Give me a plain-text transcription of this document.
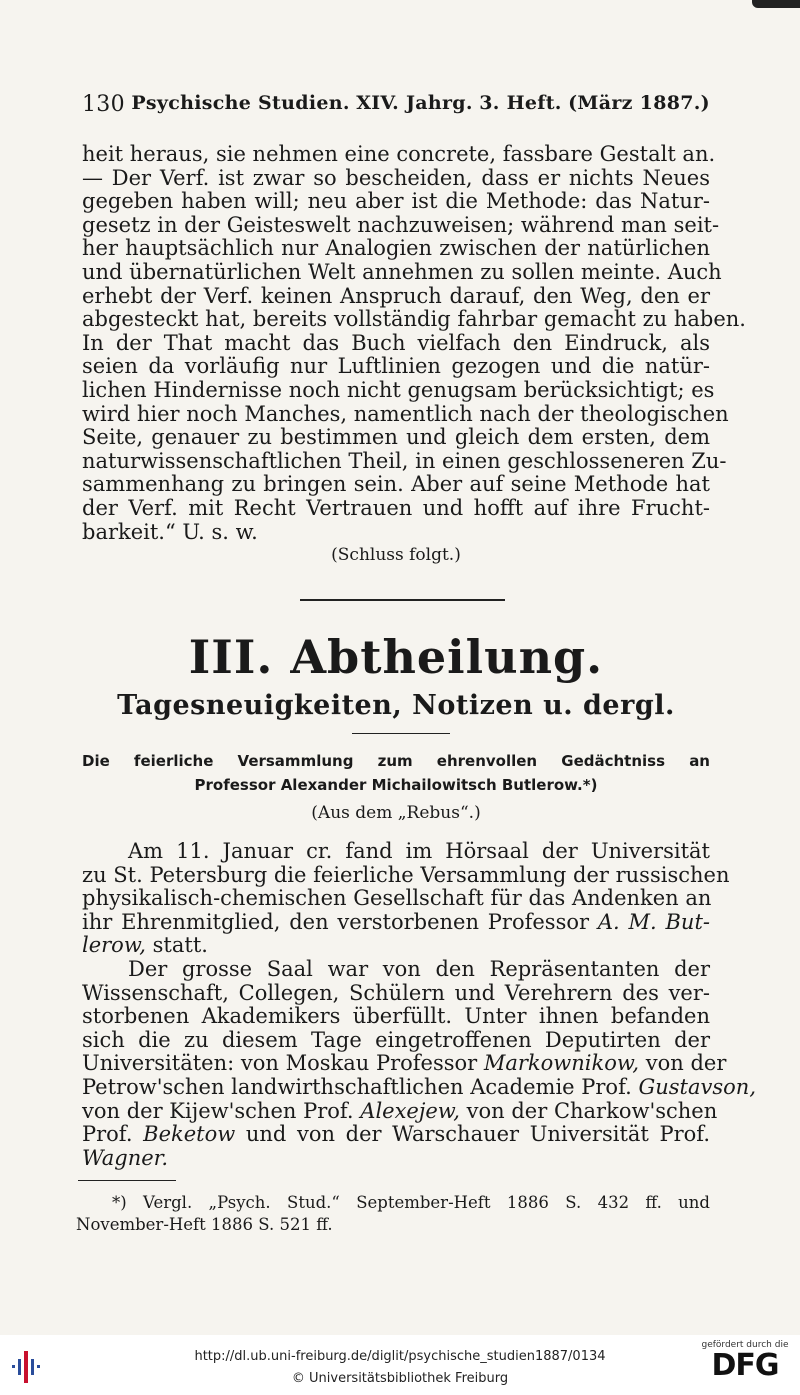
130 Psychische Studien. XIV. Jahrg. 3. Heft. (März 1887.)
heit heraus, sie nehmen eine concrete, fassbare Gestalt an.
— Der Verf. ist zwar so bescheiden, dass er nichts Neues
gegeben haben will; neu aber ist die Methode: das Natur-
gesetz in der Geisteswelt nachzuweisen; während man seit-
her hauptsächlich nur Analogien zwischen der natürlichen
und übernatürlichen Welt annehmen zu sollen meinte. Auch
erhebt der Verf. keinen Anspruch darauf, den Weg, den er
abgesteckt hat, bereits vollständig fahrbar gemacht zu haben.
In der That macht das Buch vielfach den Eindruck, als
seien da vorläufig nur Luftlinien gezogen und die natür-
lichen Hindernisse noch nicht genugsam berücksichtigt; es
wird hier noch Manches, namentlich nach der theologischen
Seite, genauer zu bestimmen und gleich dem ersten, dem
naturwissenschaftlichen Theil, in einen geschlosseneren Zu-
sammenhang zu bringen sein. Aber auf seine Methode hat
der Verf. mit Recht Vertrauen und hofft auf ihre Frucht-
barkeit.“ U. s. w.
(Schluss folgt.)
III. Abtheilung.
Tagesneuigkeiten, Notizen u. dergl.
Die feierliche Versammlung zum ehrenvollen Gedächtniss an
Professor Alexander Michailowitsch Butlerow.*)
(Aus dem „Rebus“.)
Am 11. Januar cr. fand im Hörsaal der Universität
zu St. Petersburg die feierliche Versammlung der russischen
physikalisch-chemischen Gesellschaft für das Andenken an
ihr Ehrenmitglied, den verstorbenen Professor A. M. But-
lerow, statt.
Der grosse Saal war von den Repräsentanten der
Wissenschaft, Collegen, Schülern und Verehrern des ver-
storbenen Akademikers überfüllt. Unter ihnen befanden
sich die zu diesem Tage eingetroffenen Deputirten der
Universitäten: von Moskau Professor Markownikow, von der
Petrow'schen landwirthschaftlichen Academie Prof. Gustavson,
von der Kijew'schen Prof. Alexejew, von der Charkow'schen
Prof. Beketow und von der Warschauer Universität Prof.
Wagner.
*) Vergl. „Psych. Stud.“ September-Heft 1886 S. 432 ff. und
November-Heft 1886 S. 521 ff.
http://dl.ub.uni-freiburg.de/diglit/psychische_studien1887/0134
© Universitätsbibliothek Freiburg
gefördert durch die
DFG
